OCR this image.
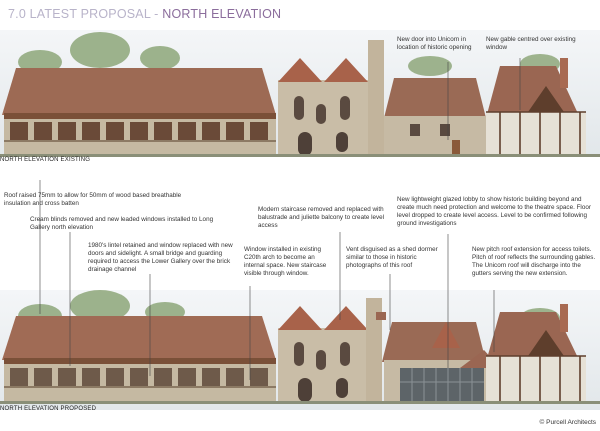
7.0 LATEST PROPOSAL - NORTH ELEVATION
NORTH ELEVATION EXISTING
NORTH ELEVATION PROPOSED
New door into Unicorn in location of historic opening
New gable centred over existing window
Roof raised 75mm to allow for 50mm of wood based breathable insulation and cross batten
Cream blinds removed and new leaded windows installed to Long Gallery north elevation
1980's lintel retained and window replaced with new doors and sidelight. A small bridge and guarding required to access the Lower Gallery over the brick drainage channel
Window installed in existing C20th arch to become an internal space. New staircase visible through window.
Modern staircase removed and replaced with balustrade and juliette balcony to create level access
Vent disguised as a shed dormer similar to those in historic photographs of this roof
New lightweight glazed lobby to show historic building beyond and create much need protection and welcome to the theatre space. Floor level dropped to create level access. Level to be confirmed following ground investigations
New pitch roof extension for access toilets. Pitch of roof reflects the surrounding gables. The Unicorn roof will discharge into the gutters serving the new extension.
© Purcell Architects
